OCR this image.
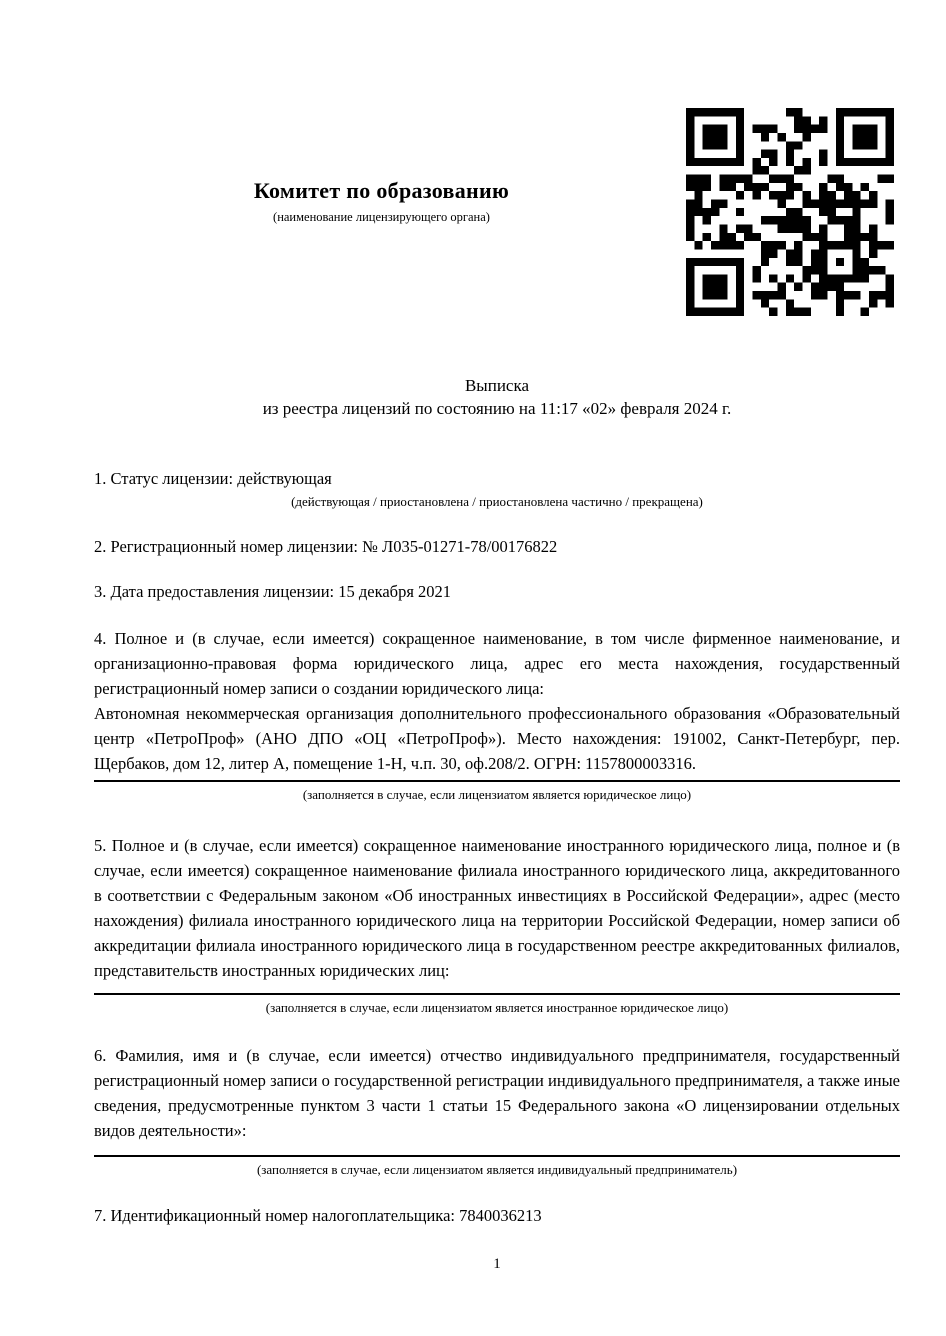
Комитет по образованию
(наименование лицензирующего органа)
Выписка
из реестра лицензий по состоянию на 11:17 «02» февраля 2024 г.
1. Статус лицензии: действующая
(действующая / приостановлена / приостановлена частично / прекращена)
2. Регистрационный номер лицензии: № Л035-01271-78/00176822
3. Дата предоставления лицензии: 15 декабря 2021
4. Полное и (в случае, если имеется) сокращенное наименование, в том числе фирменное наименование, и организационно-правовая форма юридического лица, адрес его места нахождения, государственный регистрационный номер записи о создании юридического лица:
Автономная некоммерческая организация дополнительного профессионального образования «Образовательный центр «ПетроПроф» (АНО ДПО «ОЦ «ПетроПроф»). Место нахождения: 191002, Санкт-Петербург, пер. Щербаков, дом 12, литер А, помещение 1-Н, ч.п. 30, оф.208/2. ОГРН: 1157800003316.
(заполняется в случае, если лицензиатом является юридическое лицо)
5. Полное и (в случае, если имеется) сокращенное наименование иностранного юридического лица, полное и (в случае, если имеется) сокращенное наименование филиала иностранного юридического лица, аккредитованного в соответствии с Федеральным законом «Об иностранных инвестициях в Российской Федерации», адрес (место нахождения) филиала иностранного юридического лица на территории Российской Федерации, номер записи об аккредитации филиала иностранного юридического лица в государственном реестре аккредитованных филиалов, представительств иностранных юридических лиц:
(заполняется в случае, если лицензиатом является иностранное юридическое лицо)
6. Фамилия, имя и (в случае, если имеется) отчество индивидуального предпринимателя, государственный регистрационный номер записи о государственной регистрации индивидуального предпринимателя, а также иные сведения, предусмотренные пунктом 3 части 1 статьи 15 Федерального закона «О лицензировании отдельных видов деятельности»:
(заполняется в случае, если лицензиатом является индивидуальный предприниматель)
7. Идентификационный номер налогоплательщика: 7840036213
1
